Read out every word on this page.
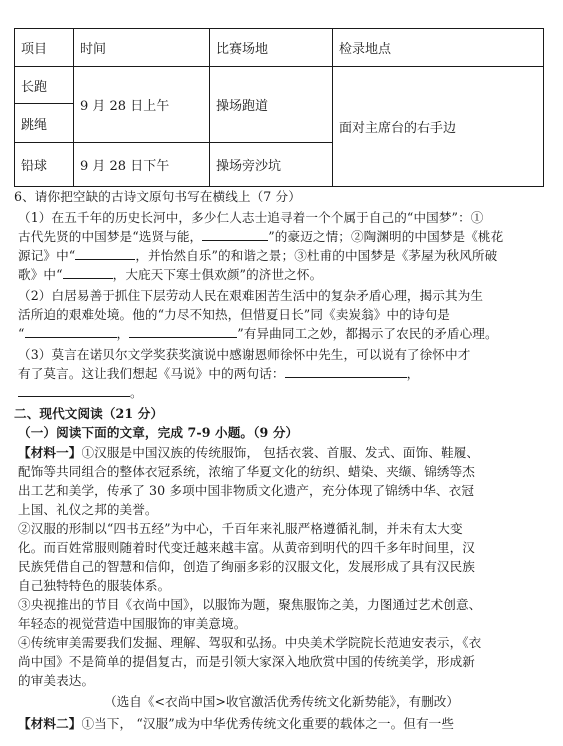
项目	时间	比赛场地	检录地点
长跑	9 月 28 日上午	操场跑道	面对主席台的右手边
跳绳			
铅球	9 月 28 日下午	操场旁沙坑	
6、请你把空缺的古诗文原句书写在横线上（7 分）
（1）在五千年的历史长河中，多少仁人志士追寻着一个个属于自己的“中国梦”：①
古代先贤的中国梦是“选贤与能，	”的豪迈之情；②陶渊明的中国梦是《桃花
源记》中“	，并怡然自乐”的和谐之景；③杜甫的中国梦是《茅屋为秋风所破
歌》中“	，大庇天下寒士俱欢颜”的济世之怀。
（2）白居易善于抓住下层劳动人民在艰难困苦生活中的复杂矛盾心理，揭示其为生
活所迫的艰难处境。他的“力尽不知热，但惜夏日长”同《卖炭翁》中的诗句是
“	，	”有异曲同工之妙，都揭示了农民的矛盾心理。
（3）莫言在诺贝尔文学奖获奖演说中感谢恩师徐怀中先生，可以说有了徐怀中才
有了莫言。这让我们想起《马说》中的两句话：	，
。
二、现代文阅读（21 分）
（一）阅读下面的文章，完成 7-9 小题。（9 分）
【材料一】①汉服是中国汉族的传统服饰， 包括衣裳、首服、发式、面饰、鞋履、
配饰等共同组合的整体衣冠系统，浓缩了华夏文化的纺织、蜡染、夹缬、锦绣等杰
出工艺和美学，传承了 30 多项中国非物质文化遗产，充分体现了锦绣中华、衣冠
上国、礼仪之邦的美誉。
②汉服的形制以“四书五经”为中心，千百年来礼服严格遵循礼制，并未有太大变
化。而百姓常服则随着时代变迁越来越丰富。从黄帝到明代的四千多年时间里，汉
民族凭借自己的智慧和信仰，创造了绚丽多彩的汉服文化，发展形成了具有汉民族
自己独特特色的服装体系。
③央视推出的节目《衣尚中国》，以服饰为题，聚焦服饰之美，力图通过艺术创意、
年轻态的视觉营造中国服饰的审美意境。
④传统审美需要我们发掘、理解、驾驭和弘扬。中央美术学院院长范迪安表示，《衣
尚中国》不是简单的提倡复古，而是引领大家深入地欣赏中国的传统美学，形成新
的审美表达。
（选自《<衣尚中国>收官激活优秀传统文化新势能》，有删改）
【材料二】①当下， “汉服”成为中华优秀传统文化重要的载体之一。但有一些
